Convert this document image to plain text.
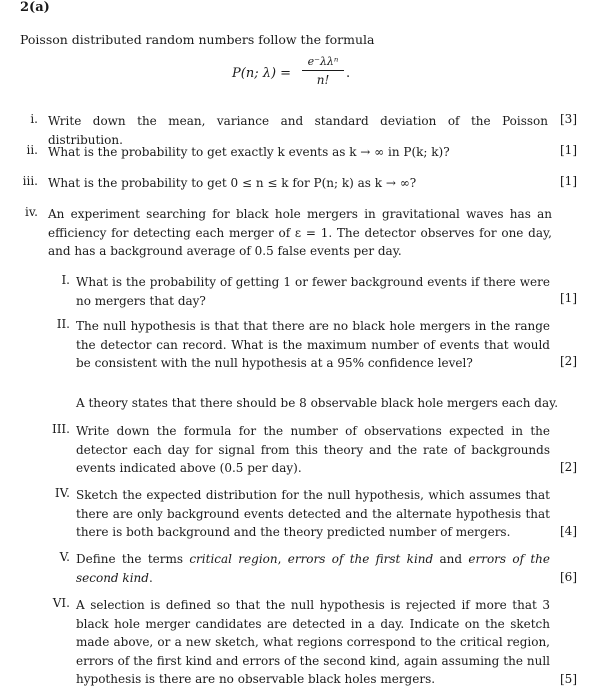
2(a)
Poisson distributed random numbers follow the formula
P(n; λ) =
e⁻λλⁿ
n!	.
i. Write down the mean, variance and standard deviation of the Poisson distribution.
[3]
ii. What is the probability to get exactly k events as k → ∞ in P(k; k)?	[1]
iii. What is the probability to get 0 ≤ n ≤ k for P(n; k) as k → ∞?	[1]
iv. An experiment searching for black hole mergers in gravitational waves has an efficiency for detecting each merger of ε = 1. The detector observes for one day, and has a background average of 0.5 false events per day.
I. What is the probability of getting 1 or fewer background events if there were no mergers that day?	[1]
II. The null hypothesis is that that there are no black hole mergers in the range the detector can record. What is the maximum number of events that would be consistent with the null hypothesis at a 95% confidence level?	[2]
A theory states that there should be 8 observable black hole mergers each day.
III. Write down the formula for the number of observations expected in the detector each day for signal from this theory and the rate of backgrounds events indicated above (0.5 per day).	[2]
IV. Sketch the expected distribution for the null hypothesis, which assumes that there are only background events detected and the alternate hypothesis that there is both background and the theory predicted number of mergers.	[4]
V. Define the terms critical region, errors of the first kind and errors of the second kind.	[6]
VI. A selection is defined so that the null hypothesis is rejected if more that 3 black hole merger candidates are detected in a day. Indicate on the sketch made above, or a new sketch, what regions correspond to the critical region, errors of the first kind and errors of the second kind, again assuming the null hypothesis is there are no observable black holes mergers.	[5]
